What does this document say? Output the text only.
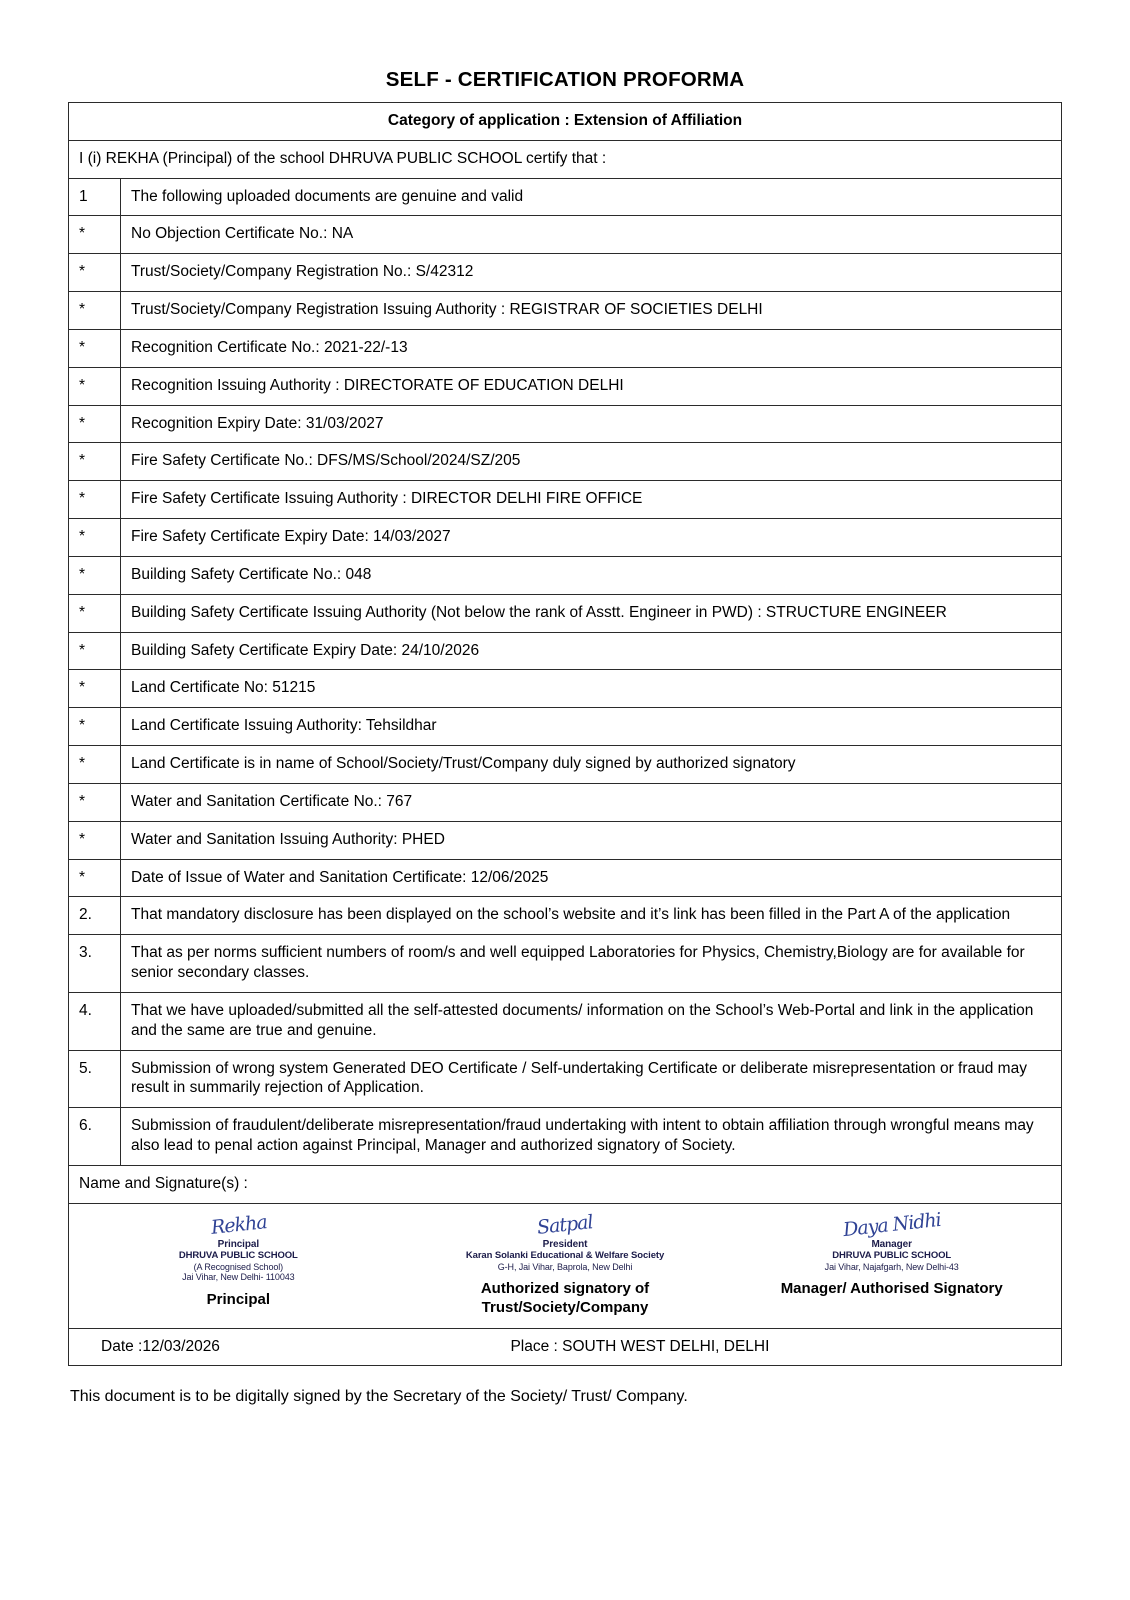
SELF - CERTIFICATION PROFORMA
Category of application : Extension of Affiliation	
I (i) REKHA (Principal) of the school DHRUVA PUBLIC SCHOOL certify that :	
1	The following uploaded documents are genuine and valid
*	No Objection Certificate No.: NA
*	Trust/Society/Company Registration No.: S/42312
*	Trust/Society/Company Registration Issuing Authority : REGISTRAR OF SOCIETIES DELHI
*	Recognition Certificate No.: 2021-22/-13
*	Recognition Issuing Authority : DIRECTORATE OF EDUCATION DELHI
*	Recognition Expiry Date: 31/03/2027
*	Fire Safety Certificate No.: DFS/MS/School/2024/SZ/205
*	Fire Safety Certificate Issuing Authority : DIRECTOR DELHI FIRE OFFICE
*	Fire Safety Certificate Expiry Date: 14/03/2027
*	Building Safety Certificate No.: 048
*	Building Safety Certificate Issuing Authority (Not below the rank of Asstt. Engineer in PWD) : STRUCTURE ENGINEER
*	Building Safety Certificate Expiry Date: 24/10/2026
*	Land Certificate No: 51215
*	Land Certificate Issuing Authority: Tehsildhar
*	Land Certificate is in name of School/Society/Trust/Company duly signed by authorized signatory
*	Water and Sanitation Certificate No.: 767
*	Water and Sanitation Issuing Authority: PHED
*	Date of Issue of Water and Sanitation Certificate: 12/06/2025
2.	That mandatory disclosure has been displayed on the school’s website and it’s link has been filled in the Part A of the application
3.	That as per norms sufficient numbers of room/s and well equipped Laboratories for Physics, Chemistry,Biology are for available for senior secondary classes.
4.	That we have uploaded/submitted all the self-attested documents/ information on the School’s Web-Portal and link in the application and the same are true and genuine.
5.	Submission of wrong system Generated DEO Certificate / Self-undertaking Certificate or deliberate misrepresentation or fraud may result in summarily rejection of Application.
6.	Submission of fraudulent/deliberate misrepresentation/fraud undertaking with intent to obtain affiliation through wrongful means may also lead to penal action against Principal, Manager and authorized signatory of Society.
Name and Signature(s) :	

Rekha
Principal
DHRUVA PUBLIC SCHOOL
(A Recognised School)
Jai Vihar, New Delhi- 110043
Principal
Satpal
President
Karan Solanki Educational & Welfare Society
G-H, Jai Vihar, Baprola, New Delhi
Authorized signatory of Trust/Society/Company
Daya Nidhi
Manager
DHRUVA PUBLIC SCHOOL
Jai Vihar, Najafgarh, New Delhi-43
Manager/ Authorised Signatory

Date :12/03/2026 Place : SOUTH WEST DELHI, DELHI	
This document is to be digitally signed by the Secretary of the Society/ Trust/ Company.
